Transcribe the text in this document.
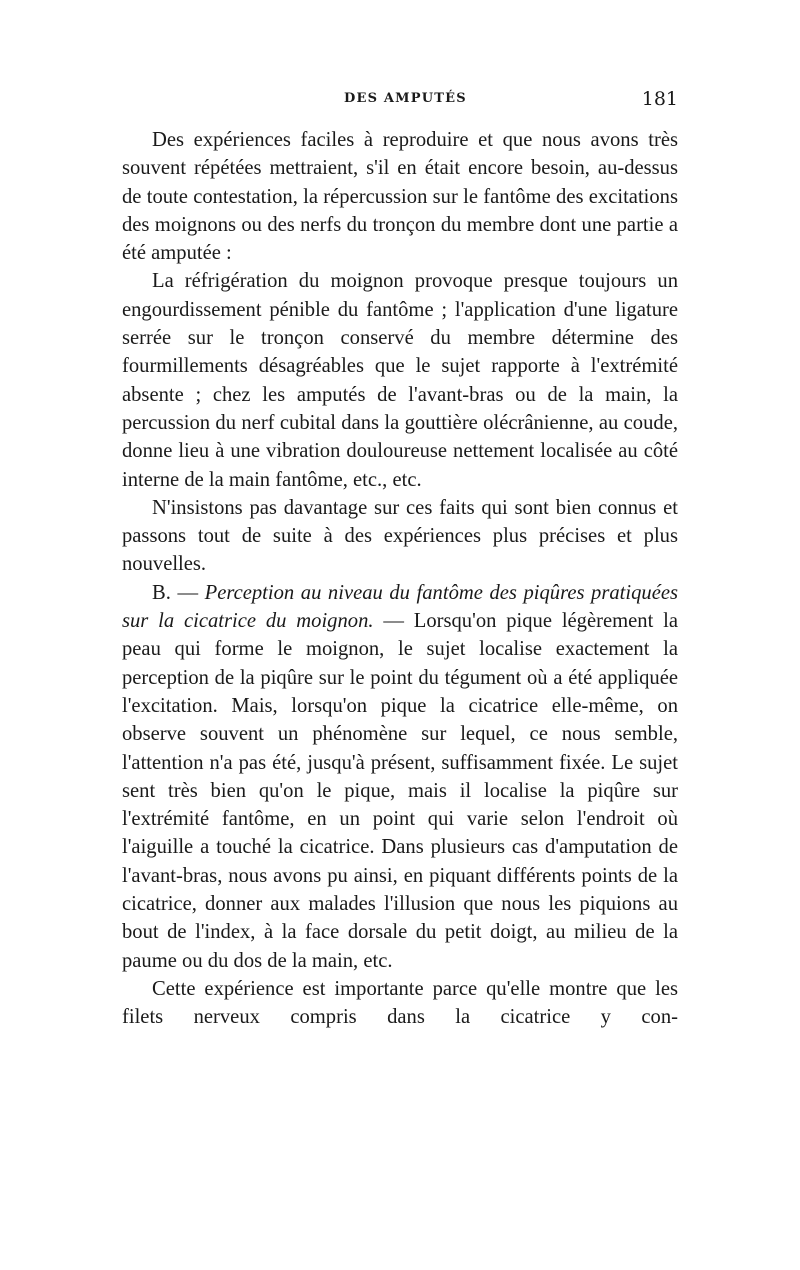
DES AMPUTÉS	181

Des expériences faciles à reproduire et que nous avons très souvent répétées mettraient, s'il en était encore besoin, au-dessus de toute contestation, la répercussion sur le fantôme des excitations des moignons ou des nerfs du tronçon du membre dont une partie a été amputée :

La réfrigération du moignon provoque presque toujours un engourdissement pénible du fantôme ; l'application d'une ligature serrée sur le tronçon conservé du membre détermine des fourmillements désagréables que le sujet rapporte à l'extrémité absente ; chez les amputés de l'avant-bras ou de la main, la percussion du nerf cubital dans la gouttière olécrânienne, au coude, donne lieu à une vibration douloureuse nettement localisée au côté interne de la main fantôme, etc., etc.

N'insistons pas davantage sur ces faits qui sont bien connus et passons tout de suite à des expériences plus précises et plus nouvelles.

B. — Perception au niveau du fantôme des piqûres pratiquées sur la cicatrice du moignon. — Lorsqu'on pique légèrement la peau qui forme le moignon, le sujet localise exactement la perception de la piqûre sur le point du tégument où a été appliquée l'excitation. Mais, lorsqu'on pique la cicatrice elle-même, on observe souvent un phénomène sur lequel, ce nous semble, l'attention n'a pas été, jusqu'à présent, suffisamment fixée. Le sujet sent très bien qu'on le pique, mais il localise la piqûre sur l'extrémité fantôme, en un point qui varie selon l'endroit où l'aiguille a touché la cicatrice. Dans plusieurs cas d'amputation de l'avant-bras, nous avons pu ainsi, en piquant différents points de la cicatrice, donner aux malades l'illusion que nous les piquions au bout de l'index, à la face dorsale du petit doigt, au milieu de la paume ou du dos de la main, etc.

Cette expérience est importante parce qu'elle montre que les filets nerveux compris dans la cicatrice y con-
